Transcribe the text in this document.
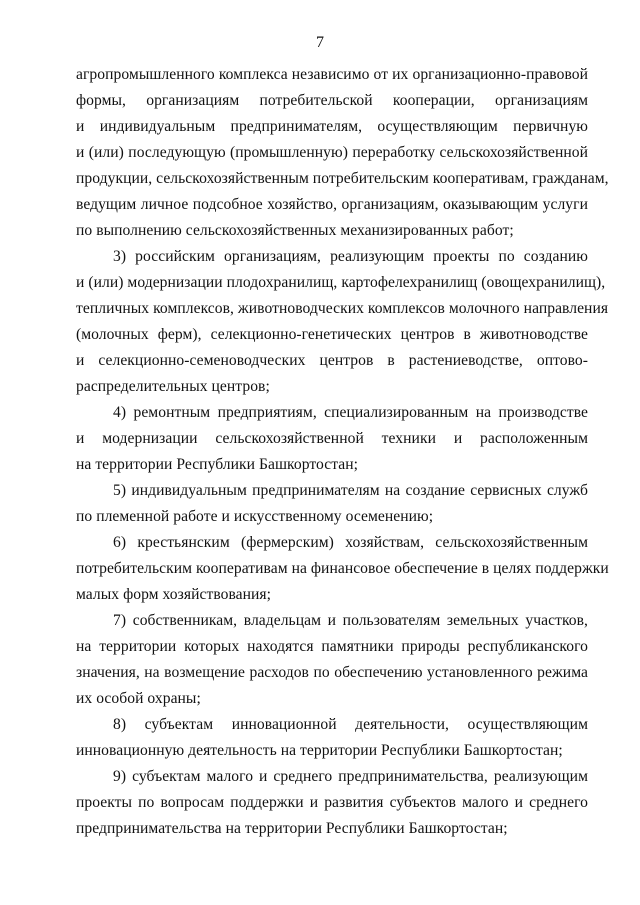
7

агропромышленного комплекса независимо от их организационно-правовой
формы, организациям потребительской кооперации, организациям
и индивидуальным предпринимателям, осуществляющим первичную
и (или) последующую (промышленную) переработку сельскохозяйственной
продукции, сельскохозяйственным потребительским кооперативам, гражданам,
ведущим личное подсобное хозяйство, организациям, оказывающим услуги
по выполнению сельскохозяйственных механизированных работ;

3) российским организациям, реализующим проекты по созданию
и (или) модернизации плодохранилищ, картофелехранилищ (овощехранилищ),
тепличных комплексов, животноводческих комплексов молочного направления
(молочных ферм), селекционно-генетических центров в животноводстве
и селекционно-семеноводческих центров в растениеводстве, оптово-
распределительных центров;

4) ремонтным предприятиям, специализированным на производстве
и модернизации сельскохозяйственной техники и расположенным
на территории Республики Башкортостан;

5) индивидуальным предпринимателям на создание сервисных служб
по племенной работе и искусственному осеменению;

6) крестьянским (фермерским) хозяйствам, сельскохозяйственным
потребительским кооперативам на финансовое обеспечение в целях поддержки
малых форм хозяйствования;

7) собственникам, владельцам и пользователям земельных участков,
на территории которых находятся памятники природы республиканского
значения, на возмещение расходов по обеспечению установленного режима
их особой охраны;

8) субъектам инновационной деятельности, осуществляющим
инновационную деятельность на территории Республики Башкортостан;

9) субъектам малого и среднего предпринимательства, реализующим
проекты по вопросам поддержки и развития субъектов малого и среднего
предпринимательства на территории Республики Башкортостан;
